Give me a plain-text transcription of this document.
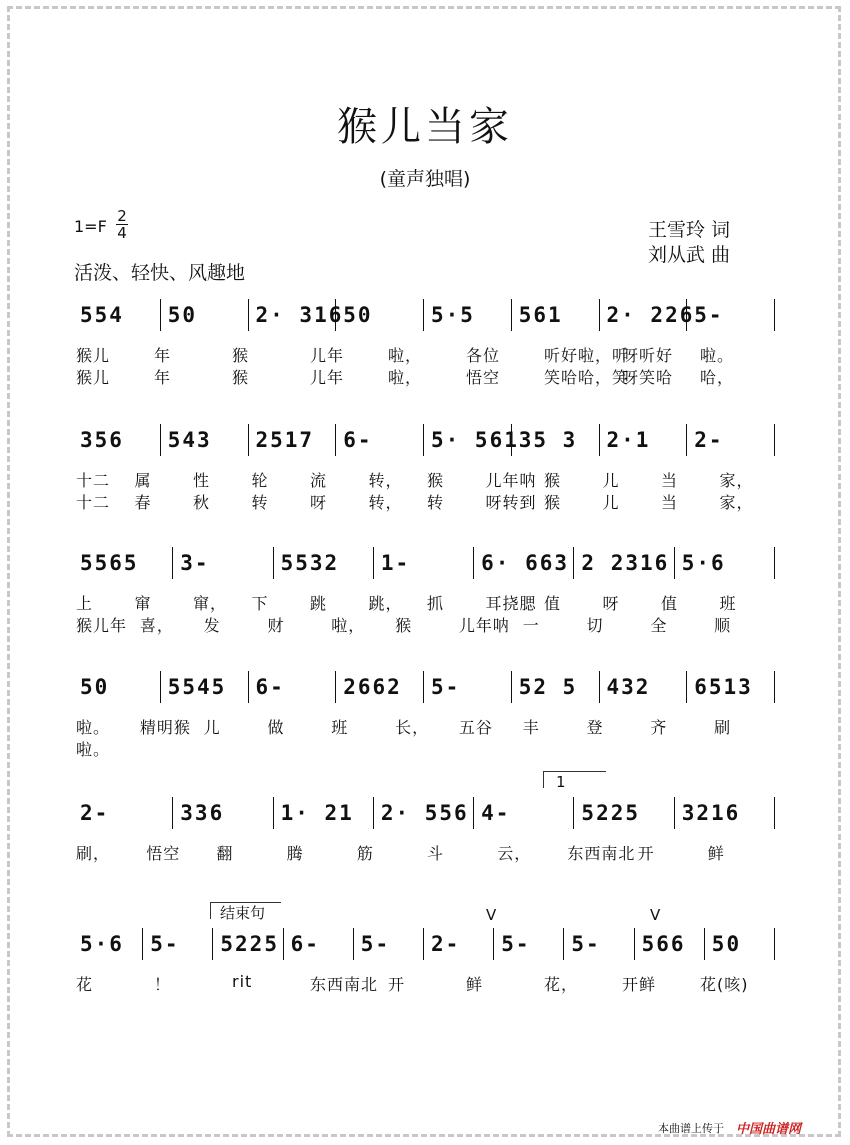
猴儿当家
(童声独唱)
$1=F \frac{2}{4}$	王雪玲 词
刘从武 曲
活泼、轻快、风趣地
554 50	2· 316 50	5·5 561 2· 226 5-
猴儿	年	猴	儿年	啦，	各位	听好啦，听
呀听好 啦。
猴儿	年	猴	儿年	啦，	悟空	笑哈哈，笑
呀笑哈 哈，
356 543 2517 6-	5· 561 35 3 2·1 2-
十二 属	性	轮	流	转， 猴	儿年呐 猴	儿	当	家，
十二 春	秋	转	呀	转， 转	呀转到 猴	儿	当	家，
5565 3-	5532 1-	6· 663 2 2316 5·6
上	窜	窜， 下	跳	跳， 抓	耳挠腮 值	呀	值	班
猴儿年 喜， 发	财	啦， 猴	儿年呐 一	切	全	顺
50	5545 6-	2662 5-	52 5 432 6513
啦。 精明猴 儿	做	班	长， 五谷 丰	登	齐	刷
啦。
2-	336	1· 21 2· 556 4-	5225 3216
刷， 悟空 翻	腾	筋	斗	云， 东西南北 开	鲜
1
5·6 5- 5225 6- 5- 2- 5- 5- 566 50
花	！	rit	东西南北 开	鲜	花，	开鲜	花(咳)
结束句	V	V
本曲谱上传于 中国曲谱网
